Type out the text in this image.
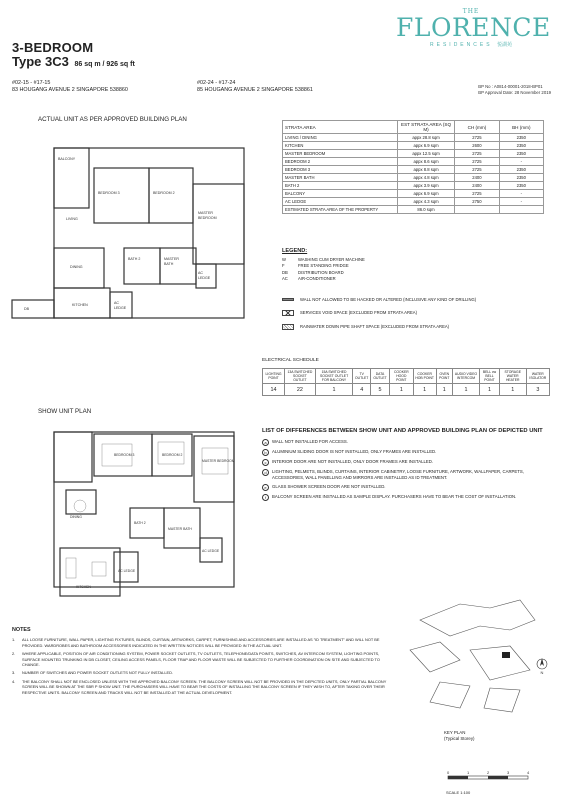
3-BEDROOM
Type 3C3 86 sq m / 926 sq ft
#02-15 - #17-15
83 HOUGANG AVENUE 2 SINGAPORE 538860
#02-24 - #17-24
85 HOUGANG AVENUE 2 SINGAPORE 538861
BP No : A0814-00001-2018-BP01
BP Approval Date: 28 November 2019
THE
FLORENCE
RESIDENCES 悦湖苑
ACTUAL UNIT AS PER APPROVED BUILDING PLAN
BALCONY
BEDROOM 3	BEDROOM 2
MASTER
BEDROOM
LIVING
DINING
BATH 2	MASTER
BATH
AC
LEDGE
KITCHEN	AC
LEDGE
DB
STRATA AREA	EST STRATA AREA (SQ M)	CH (mm)	BH (mm)
LIVING / DINING	appx 28.8 sqm	2725	2350
KITCHEN	appx 6.9 sqm	2600	2350
MASTER BEDROOM	appx 12.5 sqm	2725	2350
BEDROOM 2	appx 8.6 sqm	2725	-
BEDROOM 3	appx 8.8 sqm	2725	2350
MASTER BATH	appx 4.8 sqm	2400	2350
BATH 2	appx 3.9 sqm	2400	2350
BALCONY	appx 6.9 sqm	2725	-
AC LEDGE	appx 4.3 sqm	2750	-
ESTIMATED STRATA AREA OF THE PROPERTY	86.0 sqm		
LEGEND:
W	WASHING CUM DRYER MACHINE
F	FREE STANDING FRIDGE
DB	DISTRIBUTION BOARD
AC	AIR-CONDITIONER
WALL NOT ALLOWED TO BE HACKED OR ALTERED (INCLUSIVE ANY KIND OF DRILLING)
SERVICES VOID SPACE (EXCLUDED FROM STRATA AREA)
RAINWATER DOWN PIPE SHAFT SPACE (EXCLUDED FROM STRATA AREA)
ELECTRICAL SCHEDULE
LIGHTING POINT	13A SWITCHED SOCKET OUTLET	15A SWITCHED SOCKET OUTLET FOR BALCONY	TV OUTLET	DATA OUTLET	COOKER HOOD POINT	COOKER HOB POINT	OVEN POINT	AUDIO VIDEO INTERCOM	BELL cw BELL POINT	STORAGE WATER HEATER	WATER ISOLATOR
14	22	1	4	5	1	1	1	1	1	1	3
SHOW UNIT PLAN
BEDROOM 3	BEDROOM 2
MASTER BEDROOM
DINING
BATH 2
MASTER BATH
AC LEDGE
AC LEDGE
KITCHEN
LIST OF DIFFERENCES BETWEEN SHOW UNIT AND APPROVED BUILDING PLAN OF DEPICTED UNIT
a	WALL NOT INSTALLED FOR ACCESS.
b	ALUMINIUM SLIDING DOOR IS NOT INSTALLED, ONLY FRAMES ARE INSTALLED.
c	INTERIOR DOOR ARE NOT INSTALLED, ONLY DOOR FRAMES ARE INSTALLED.
d	LIGHTING, PELMETS, BLINDS, CURTAINS, INTERIOR CABINETRY, LOOSE FURNITURE, ARTWORK, WALLPAPER, CARPETS, ACCESSORIES, WALL PANELLING AND MIRRORS ARE INSTALLED AS ID TREATMENT.
e	GLASS SHOWER SCREEN DOOR ARE NOT INSTALLED.
f	BALCONY SCREEN ARE INSTALLED AS SAMPLE DISPLAY. PURCHASERS HAVE TO BEAR THE COST OF INSTALLATION.
NOTES
1.	ALL LOOSE FURNITURE, WALL PAPER, LIGHTING FIXTURES, BLINDS, CURTAIN, ARTWORKS, CARPET, FURNISHING AND ACCESSORIES ARE INSTALLED AS "ID TREATMENT" AND WILL NOT BE PROVIDED. WARDROBES AND BATHROOM ACCESSORIES INDICATED IN THE WRITTEN NOTICES WILL BE PROVIDED IN THE ACTUAL UNIT.
2.	WHERE APPLICABLE, POSITION OF AIR CONDITIONING SYSTEM, POWER SOCKET OUTLETS, TV OUTLETS, TELEPHONE/DATA POINTS, SWITCHES, AV INTERCOM SYSTEM, LIGHTING POINTS, SURFACE MOUNTED TRUNKING IN DB CLOSET, CEILING ACCESS PANELS, FLOOR TRAP AND FLOOR WASTE WILL BE SUBJECTED TO FURTHER COORDINATION ON SITE AND SUBJECTED TO CHANGE.
3.	NUMBER OF SWITCHES AND POWER SOCKET OUTLETS NOT FULLY INSTALLED.
4.	THE BALCONY SHALL NOT BE ENCLOSED UNLESS WITH THE APPROVED BALCONY SCREEN. THE BALCONY SCREEN WILL NOT BE PROVIDED IN THE DEPICTED UNITS, ONLY PARTIAL BALCONY SCREEN WILL BE SHOWN AT THE SBR P SHOW UNIT. THE PURCHASERS WILL HAVE TO BEAR THE COSTS OF INSTALLING THE BALCONY SCREEN IF THEY WISH TO, AFTER TAKING OVER THEIR RESPECTIVE UNITS. BALCONY SCREEN AND TRACKS WILL NOT BE INSTALLED AT THE ACTUAL DEVELOPMENT.
N
KEY PLAN
(Typical Storey)
0	1	2	3	4
SCALE 1:100
